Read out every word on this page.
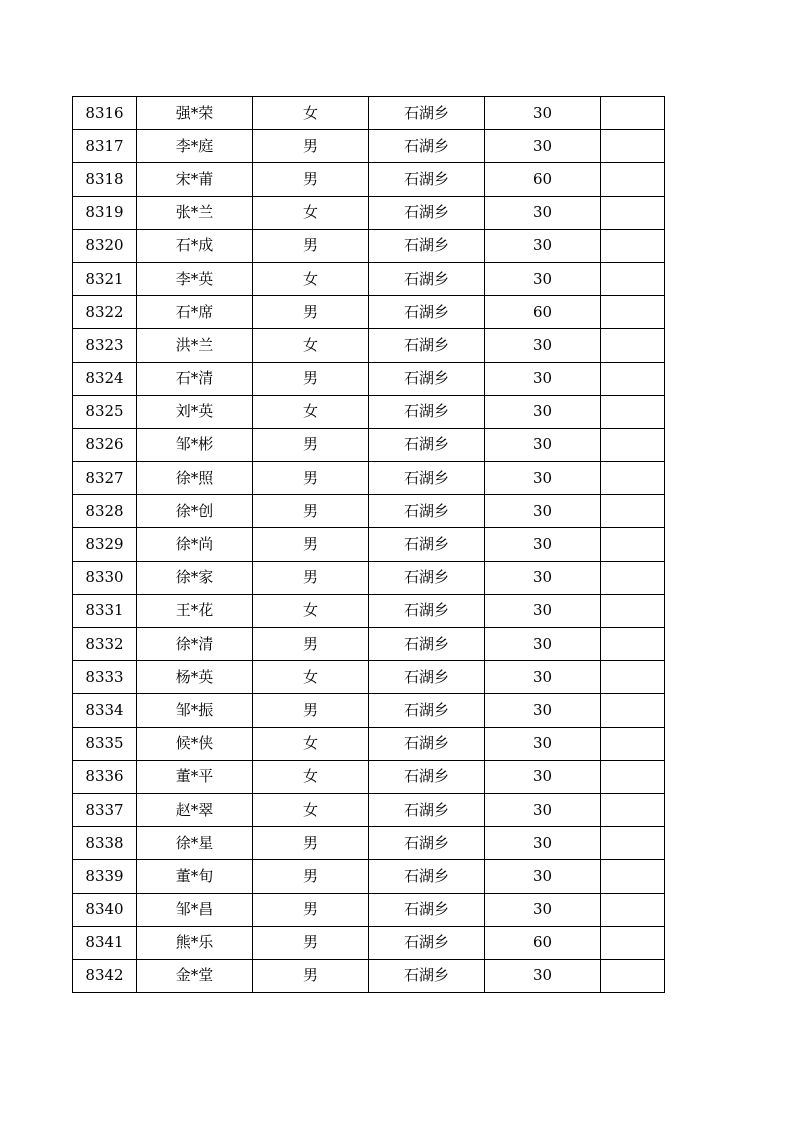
8316	强*荣	女	石湖乡	30	
8317	李*庭	男	石湖乡	30	
8318	宋*莆	男	石湖乡	60	
8319	张*兰	女	石湖乡	30	
8320	石*成	男	石湖乡	30	
8321	李*英	女	石湖乡	30	
8322	石*席	男	石湖乡	60	
8323	洪*兰	女	石湖乡	30	
8324	石*清	男	石湖乡	30	
8325	刘*英	女	石湖乡	30	
8326	邹*彬	男	石湖乡	30	
8327	徐*照	男	石湖乡	30	
8328	徐*创	男	石湖乡	30	
8329	徐*尚	男	石湖乡	30	
8330	徐*家	男	石湖乡	30	
8331	王*花	女	石湖乡	30	
8332	徐*清	男	石湖乡	30	
8333	杨*英	女	石湖乡	30	
8334	邹*振	男	石湖乡	30	
8335	候*侠	女	石湖乡	30	
8336	董*平	女	石湖乡	30	
8337	赵*翠	女	石湖乡	30	
8338	徐*星	男	石湖乡	30	
8339	董*旬	男	石湖乡	30	
8340	邹*昌	男	石湖乡	30	
8341	熊*乐	男	石湖乡	60	
8342	金*堂	男	石湖乡	30	
